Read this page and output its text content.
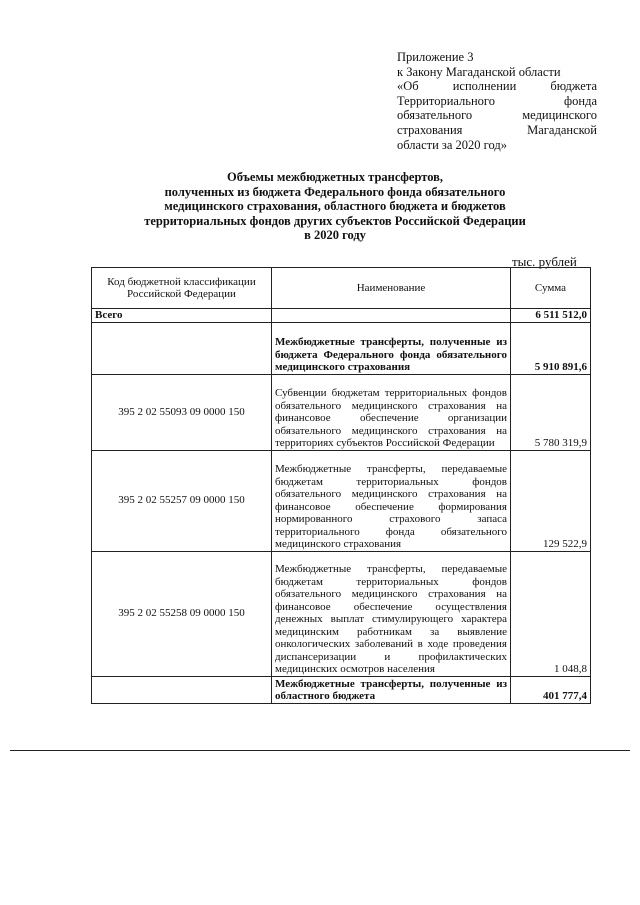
Приложение 3
к Закону Магаданской области
«Об исполнении бюджета Территориального фонда обязательного медицинского страхования Магаданской
области за 2020 год»
Объемы межбюджетных трансфертов,
полученных из бюджета Федерального фонда обязательного
медицинского страхования, областного бюджета и бюджетов
территориальных фондов других субъектов Российской Федерации
в 2020 году
тыс. рублей
Код бюджетной классификации Российской Федерации	Наименование	Сумма
Всего		6 511 512,0
	Межбюджетные трансферты, полученные из бюджета Федерального фонда обязательного медицинского страхования	5 910 891,6
395 2 02 55093 09 0000 150	Субвенции бюджетам территориальных фондов обязательного медицинского страхования на финансовое обеспечение организации обязательного медицинского страхования на территориях субъектов Российской Федерации	5 780 319,9
395 2 02 55257 09 0000 150	Межбюджетные трансферты, передаваемые бюджетам территориальных фондов обязательного медицинского страхования на финансовое обеспечение формирования нормированного страхового запаса территориального фонда обязательного медицинского страхования	129 522,9
395 2 02 55258 09 0000 150	Межбюджетные трансферты, передаваемые бюджетам территориальных фондов обязательного медицинского страхования на финансовое обеспечение осуществления денежных выплат стимулирующего характера медицинским работникам за выявление онкологических заболеваний в ходе проведения диспансеризации и профилактических медицинских осмотров населения	1 048,8
	Межбюджетные трансферты, полученные из областного бюджета	401 777,4
